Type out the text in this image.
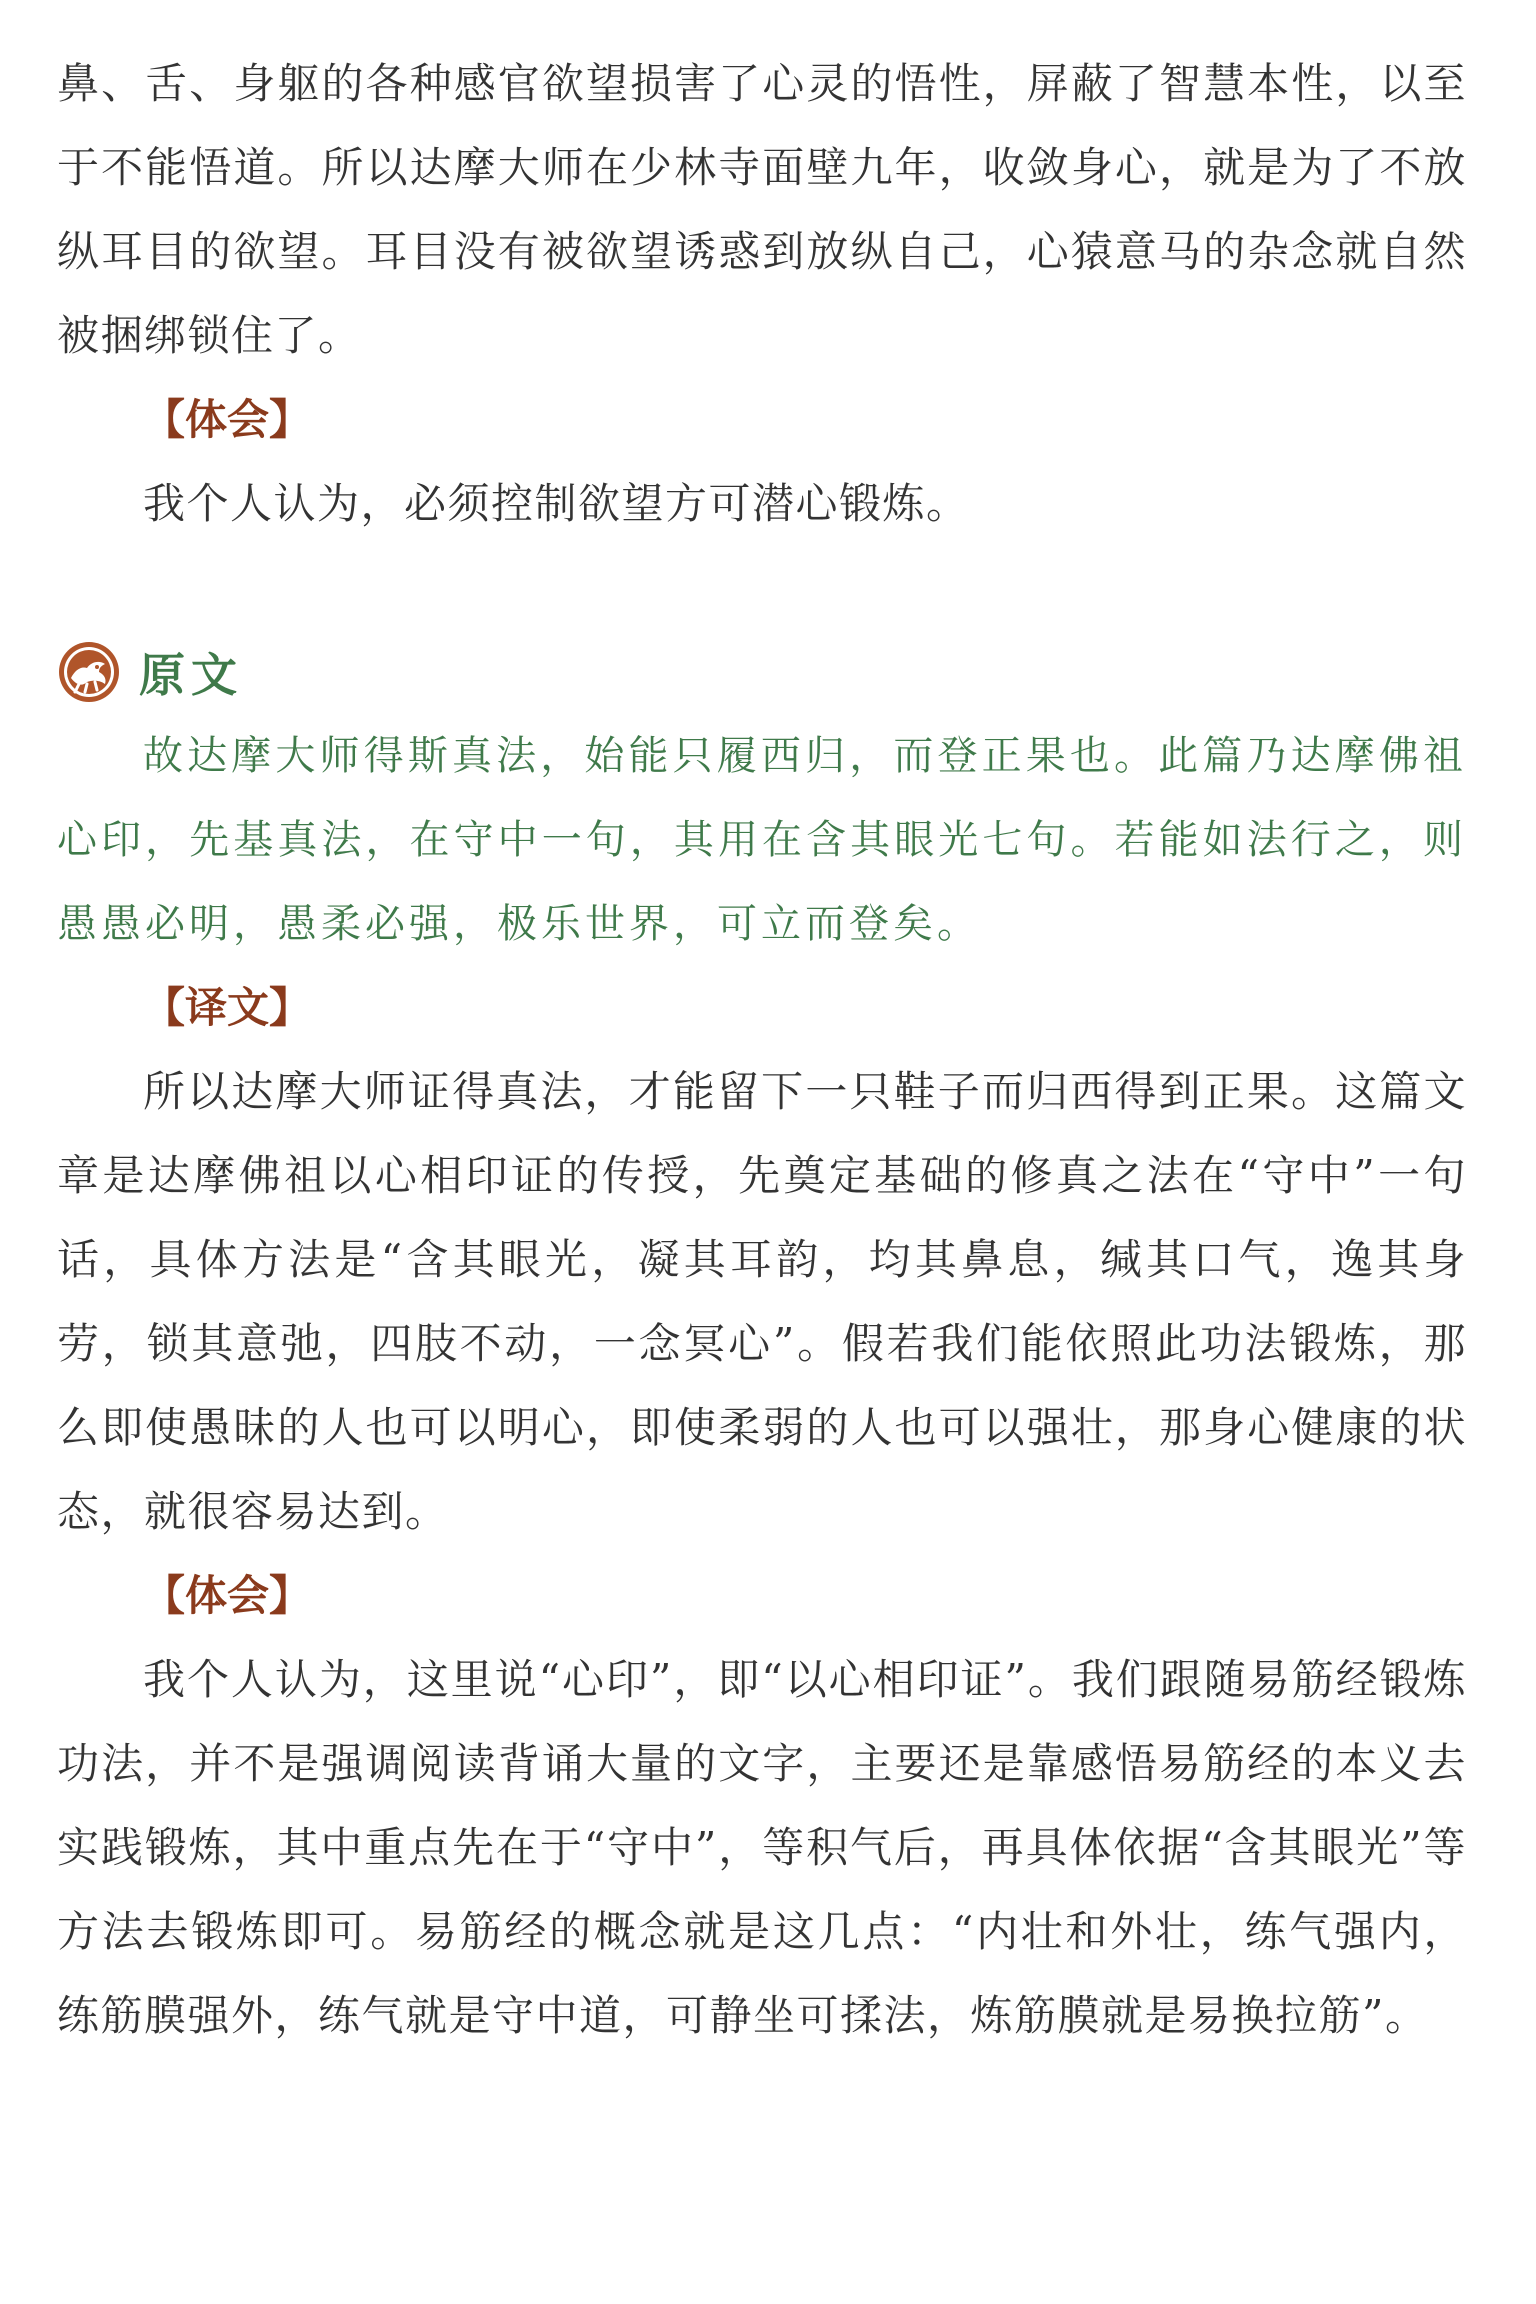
鼻、舌、身躯的各种感官欲望损害了心灵的悟性，屏蔽了智慧本性，以至于不能悟道。所以达摩大师在少林寺面壁九年，收敛身心，就是为了不放纵耳目的欲望。耳目没有被欲望诱惑到放纵自己，心猿意马的杂念就自然被捆绑锁住了。

【体会】

我个人认为，必须控制欲望方可潜心锻炼。

原文

故达摩大师得斯真法，始能只履西归，而登正果也。此篇乃达摩佛祖心印，先基真法，在守中一句，其用在含其眼光七句。若能如法行之，则愚愚必明，愚柔必强，极乐世界，可立而登矣。

【译文】

所以达摩大师证得真法，才能留下一只鞋子而归西得到正果。这篇文章是达摩佛祖以心相印证的传授，先奠定基础的修真之法在“守中”一句话，具体方法是“含其眼光，凝其耳韵，均其鼻息，缄其口气，逸其身劳，锁其意弛，四肢不动，一念冥心”。假若我们能依照此功法锻炼，那么即使愚昧的人也可以明心，即使柔弱的人也可以强壮，那身心健康的状态，就很容易达到。

【体会】

我个人认为，这里说“心印”，即“以心相印证”。我们跟随易筋经锻炼功法，并不是强调阅读背诵大量的文字，主要还是靠感悟易筋经的本义去实践锻炼，其中重点先在于“守中”，等积气后，再具体依据“含其眼光”等方法去锻炼即可。易筋经的概念就是这几点：“内壮和外壮，练气强内，练筋膜强外，练气就是守中道，可静坐可揉法，炼筋膜就是易换拉筋”。
